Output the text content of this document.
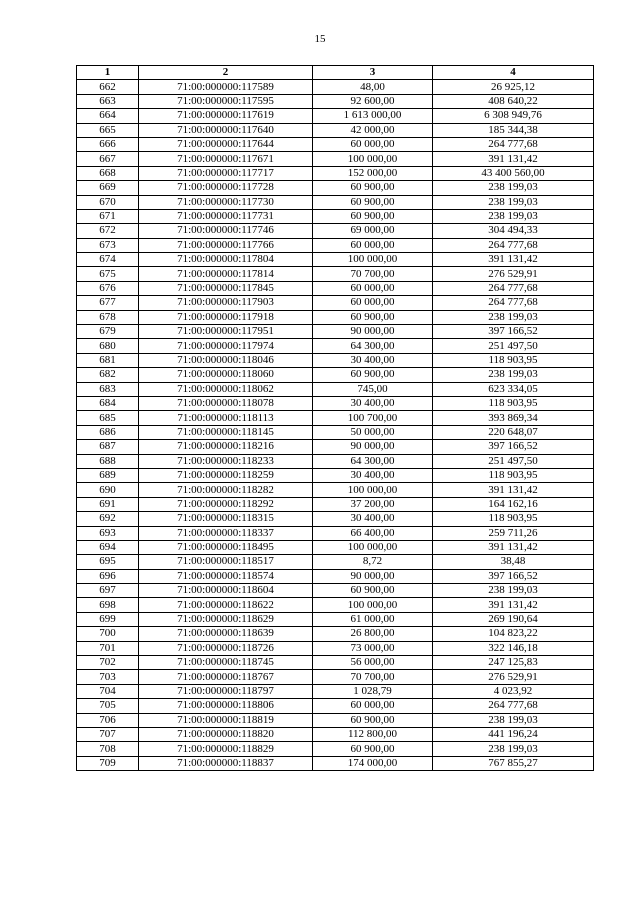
15
1	2	3	4
662	71:00:000000:117589	48,00	26 925,12
663	71:00:000000:117595	92 600,00	408 640,22
664	71:00:000000:117619	1 613 000,00	6 308 949,76
665	71:00:000000:117640	42 000,00	185 344,38
666	71:00:000000:117644	60 000,00	264 777,68
667	71:00:000000:117671	100 000,00	391 131,42
668	71:00:000000:117717	152 000,00	43 400 560,00
669	71:00:000000:117728	60 900,00	238 199,03
670	71:00:000000:117730	60 900,00	238 199,03
671	71:00:000000:117731	60 900,00	238 199,03
672	71:00:000000:117746	69 000,00	304 494,33
673	71:00:000000:117766	60 000,00	264 777,68
674	71:00:000000:117804	100 000,00	391 131,42
675	71:00:000000:117814	70 700,00	276 529,91
676	71:00:000000:117845	60 000,00	264 777,68
677	71:00:000000:117903	60 000,00	264 777,68
678	71:00:000000:117918	60 900,00	238 199,03
679	71:00:000000:117951	90 000,00	397 166,52
680	71:00:000000:117974	64 300,00	251 497,50
681	71:00:000000:118046	30 400,00	118 903,95
682	71:00:000000:118060	60 900,00	238 199,03
683	71:00:000000:118062	745,00	623 334,05
684	71:00:000000:118078	30 400,00	118 903,95
685	71:00:000000:118113	100 700,00	393 869,34
686	71:00:000000:118145	50 000,00	220 648,07
687	71:00:000000:118216	90 000,00	397 166,52
688	71:00:000000:118233	64 300,00	251 497,50
689	71:00:000000:118259	30 400,00	118 903,95
690	71:00:000000:118282	100 000,00	391 131,42
691	71:00:000000:118292	37 200,00	164 162,16
692	71:00:000000:118315	30 400,00	118 903,95
693	71:00:000000:118337	66 400,00	259 711,26
694	71:00:000000:118495	100 000,00	391 131,42
695	71:00:000000:118517	8,72	38,48
696	71:00:000000:118574	90 000,00	397 166,52
697	71:00:000000:118604	60 900,00	238 199,03
698	71:00:000000:118622	100 000,00	391 131,42
699	71:00:000000:118629	61 000,00	269 190,64
700	71:00:000000:118639	26 800,00	104 823,22
701	71:00:000000:118726	73 000,00	322 146,18
702	71:00:000000:118745	56 000,00	247 125,83
703	71:00:000000:118767	70 700,00	276 529,91
704	71:00:000000:118797	1 028,79	4 023,92
705	71:00:000000:118806	60 000,00	264 777,68
706	71:00:000000:118819	60 900,00	238 199,03
707	71:00:000000:118820	112 800,00	441 196,24
708	71:00:000000:118829	60 900,00	238 199,03
709	71:00:000000:118837	174 000,00	767 855,27
